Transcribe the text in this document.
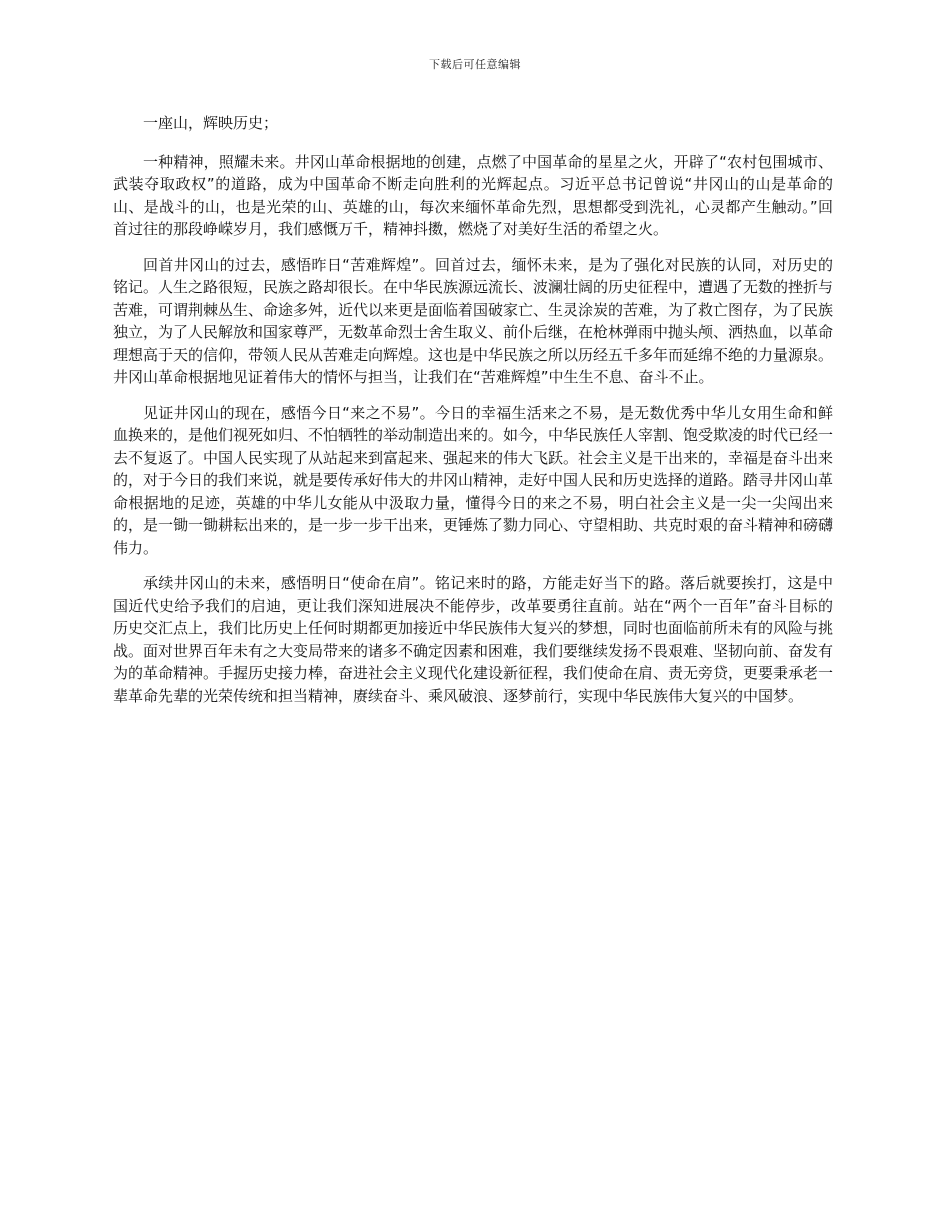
下载后可任意编辑

一座山，辉映历史；

一种精神，照耀未来。井冈山革命根据地的创建，点燃了中国革命的星星之火，开辟了“农村包围城市、武装夺取政权”的道路，成为中国革命不断走向胜利的光辉起点。习近平总书记曾说“井冈山的山是革命的山、是战斗的山，也是光荣的山、英雄的山，每次来缅怀革命先烈，思想都受到洗礼，心灵都产生触动。”回首过往的那段峥嵘岁月，我们感慨万千，精神抖擞，燃烧了对美好生活的希望之火。

回首井冈山的过去，感悟昨日“苦难辉煌”。回首过去，缅怀未来，是为了强化对民族的认同，对历史的铭记。人生之路很短，民族之路却很长。在中华民族源远流长、波澜壮阔的历史征程中，遭遇了无数的挫折与苦难，可谓荆棘丛生、命途多舛，近代以来更是面临着国破家亡、生灵涂炭的苦难，为了救亡图存，为了民族独立，为了人民解放和国家尊严，无数革命烈士舍生取义、前仆后继，在枪林弹雨中抛头颅、洒热血，以革命理想高于天的信仰，带领人民从苦难走向辉煌。这也是中华民族之所以历经五千多年而延绵不绝的力量源泉。井冈山革命根据地见证着伟大的情怀与担当，让我们在“苦难辉煌”中生生不息、奋斗不止。

见证井冈山的现在，感悟今日“来之不易”。今日的幸福生活来之不易，是无数优秀中华儿女用生命和鲜血换来的，是他们视死如归、不怕牺牲的举动制造出来的。如今，中华民族任人宰割、饱受欺凌的时代已经一去不复返了。中国人民实现了从站起来到富起来、强起来的伟大飞跃。社会主义是干出来的，幸福是奋斗出来的，对于今日的我们来说，就是要传承好伟大的井冈山精神，走好中国人民和历史选择的道路。踏寻井冈山革命根据地的足迹，英雄的中华儿女能从中汲取力量，懂得今日的来之不易，明白社会主义是一尖一尖闯出来的，是一锄一锄耕耘出来的，是一步一步干出来，更锤炼了勠力同心、守望相助、共克时艰的奋斗精神和磅礴伟力。

承续井冈山的未来，感悟明日“使命在肩”。铭记来时的路，方能走好当下的路。落后就要挨打，这是中国近代史给予我们的启迪，更让我们深知进展决不能停步，改革要勇往直前。站在“两个一百年”奋斗目标的历史交汇点上，我们比历史上任何时期都更加接近中华民族伟大复兴的梦想，同时也面临前所未有的风险与挑战。面对世界百年未有之大变局带来的诸多不确定因素和困难，我们要继续发扬不畏艰难、坚韧向前、奋发有为的革命精神。手握历史接力棒，奋进社会主义现代化建设新征程，我们使命在肩、责无旁贷，更要秉承老一辈革命先辈的光荣传统和担当精神，赓续奋斗、乘风破浪、逐梦前行，实现中华民族伟大复兴的中国梦。
